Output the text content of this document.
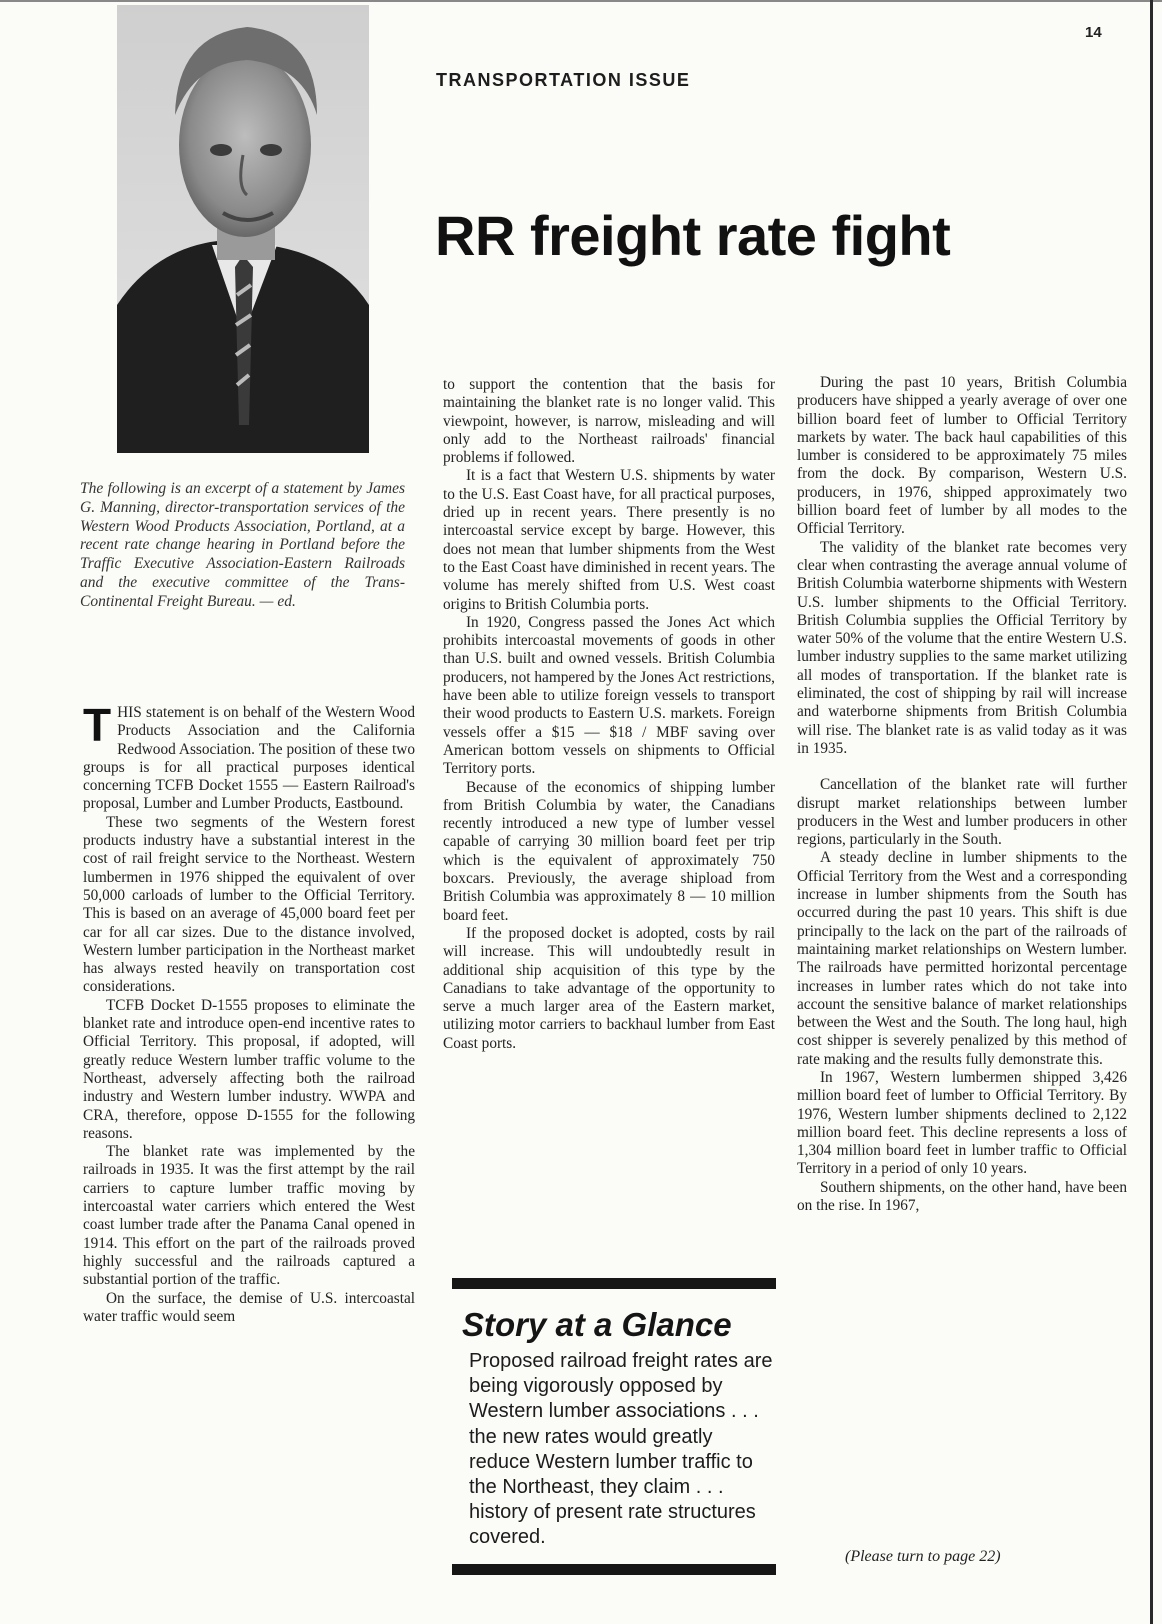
14
TRANSPORTATION ISSUE
RR freight rate fight

The following is an excerpt of a statement by James G. Manning, director-transportation services of the Western Wood Products Association, Portland, at a recent rate change hearing in Portland before the Traffic Executive Association-Eastern Railroads and the executive committee of the Trans-Continental Freight Bureau. — ed.

THIS statement is on behalf of the Western Wood Products Association and the California Redwood Association. The position of these two groups is for all practical purposes identical concerning TCFB Docket 1555 — Eastern Railroad's proposal, Lumber and Lumber Products, Eastbound.

These two segments of the Western forest products industry have a substantial interest in the cost of rail freight service to the Northeast. Western lumbermen in 1976 shipped the equivalent of over 50,000 carloads of lumber to the Official Territory. This is based on an average of 45,000 board feet per car for all car sizes. Due to the distance involved, Western lumber participation in the Northeast market has always rested heavily on transportation cost considerations.

TCFB Docket D-1555 proposes to eliminate the blanket rate and introduce open-end incentive rates to Official Territory. This proposal, if adopted, will greatly reduce Western lumber traffic volume to the Northeast, adversely affecting both the railroad industry and Western lumber industry. WWPA and CRA, therefore, oppose D-1555 for the following reasons.

The blanket rate was implemented by the railroads in 1935. It was the first attempt by the rail carriers to capture lumber traffic moving by intercoastal water carriers which entered the West coast lumber trade after the Panama Canal opened in 1914. This effort on the part of the railroads proved highly successful and the railroads captured a substantial portion of the traffic.

On the surface, the demise of U.S. intercoastal water traffic would seem

to support the contention that the basis for maintaining the blanket rate is no longer valid. This viewpoint, however, is narrow, misleading and will only add to the Northeast railroads' financial problems if followed.

It is a fact that Western U.S. shipments by water to the U.S. East Coast have, for all practical purposes, dried up in recent years. There presently is no intercoastal service except by barge. However, this does not mean that lumber shipments from the West to the East Coast have diminished in recent years. The volume has merely shifted from U.S. West coast origins to British Columbia ports.

In 1920, Congress passed the Jones Act which prohibits intercoastal movements of goods in other than U.S. built and owned vessels. British Columbia producers, not hampered by the Jones Act restrictions, have been able to utilize foreign vessels to transport their wood products to Eastern U.S. markets. Foreign vessels offer a $15 — $18 / MBF saving over American bottom vessels on shipments to Official Territory ports.

Because of the economics of shipping lumber from British Columbia by water, the Canadians recently introduced a new type of lumber vessel capable of carrying 30 million board feet per trip which is the equivalent of approximately 750 boxcars. Previously, the average shipload from British Columbia was approximately 8 — 10 million board feet.

If the proposed docket is adopted, costs by rail will increase. This will undoubtedly result in additional ship acquisition of this type by the Canadians to take advantage of the opportunity to serve a much larger area of the Eastern market, utilizing motor carriers to backhaul lumber from East Coast ports.

Story at a Glance

Proposed railroad freight rates are being vigorously opposed by Western lumber associations . . . the new rates would greatly reduce Western lumber traffic to the Northeast, they claim . . . history of present rate structures covered.

During the past 10 years, British Columbia producers have shipped a yearly average of over one billion board feet of lumber to Official Territory markets by water. The back haul capabilities of this lumber is considered to be approximately 75 miles from the dock. By comparison, Western U.S. producers, in 1976, shipped approximately two billion board feet of lumber by all modes to the Official Territory.

The validity of the blanket rate becomes very clear when contrasting the average annual volume of British Columbia waterborne shipments with Western U.S. lumber shipments to the Official Territory. British Columbia supplies the Official Territory by water 50% of the volume that the entire Western U.S. lumber industry supplies to the same market utilizing all modes of transportation. If the blanket rate is eliminated, the cost of shipping by rail will increase and waterborne shipments from British Columbia will rise. The blanket rate is as valid today as it was in 1935.

Cancellation of the blanket rate will further disrupt market relationships between lumber producers in the West and lumber producers in other regions, particularly in the South.

A steady decline in lumber shipments to the Official Territory from the West and a corresponding increase in lumber shipments from the South has occurred during the past 10 years. This shift is due principally to the lack on the part of the railroads of maintaining market relationships on Western lumber. The railroads have permitted horizontal percentage increases in lumber rates which do not take into account the sensitive balance of market relationships between the West and the South. The long haul, high cost shipper is severely penalized by this method of rate making and the results fully demonstrate this.

In 1967, Western lumbermen shipped 3,426 million board feet of lumber to Official Territory. By 1976, Western lumber shipments declined to 2,122 million board feet. This decline represents a loss of 1,304 million board feet in lumber traffic to Official Territory in a period of only 10 years.

Southern shipments, on the other hand, have been on the rise. In 1967,

(Please turn to page 22)
